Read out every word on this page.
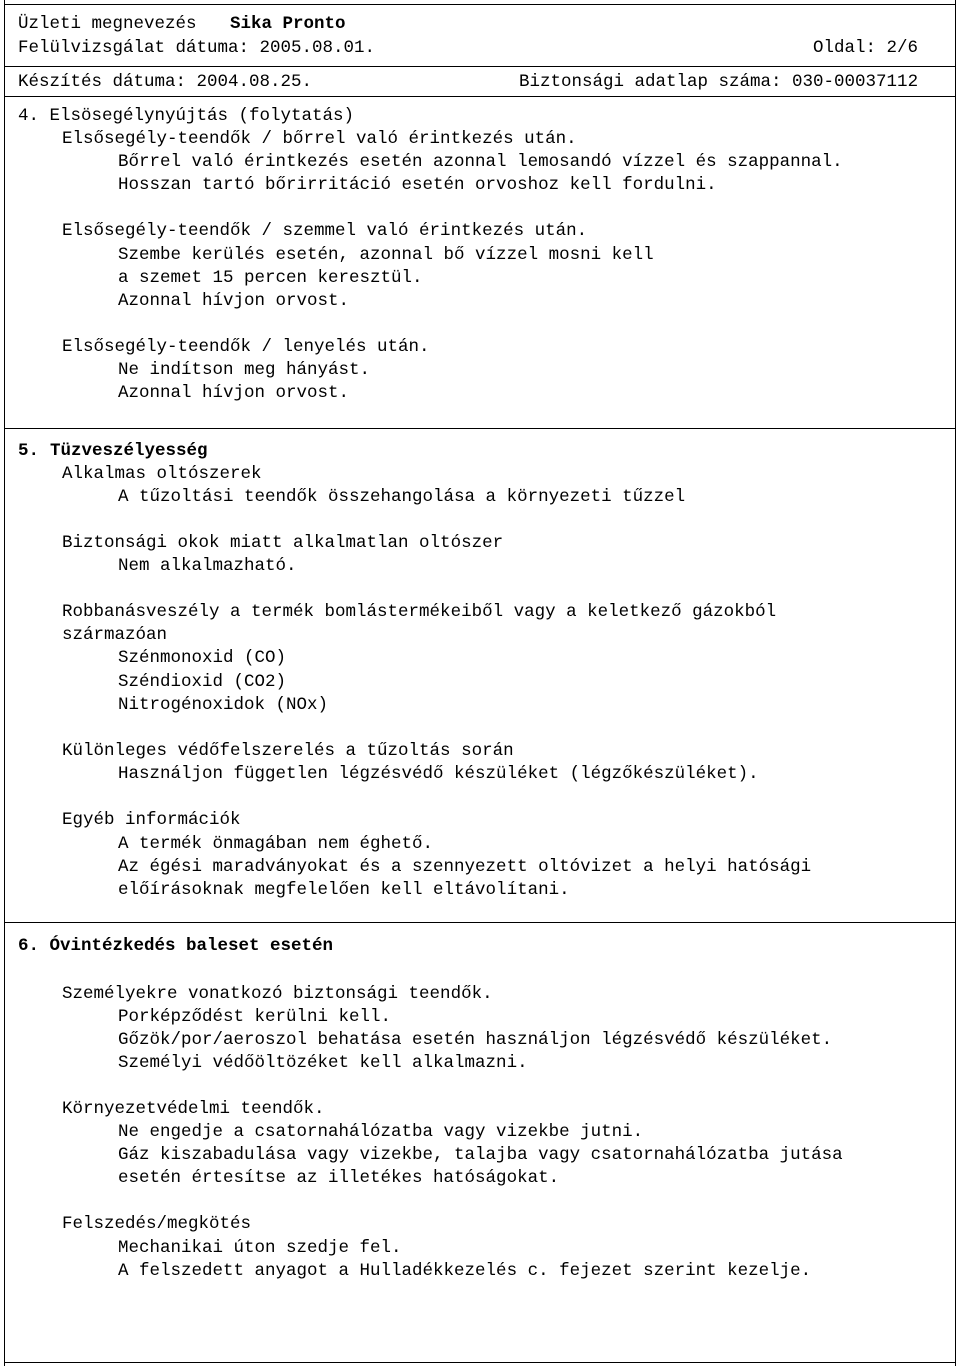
Üzleti megnevezés Sika Pronto
Felülvizsgálat dátuma: 2005.08.01.	Oldal: 2/6
Készítés dátuma: 2004.08.25.	Biztonsági adatlap száma: 030-00037112
4. Elsösegélynyújtás (folytatás)
Elsősegély-teendők / bőrrel való érintkezés után.
Bőrrel való érintkezés esetén azonnal lemosandó vízzel és szappannal.
Hosszan tartó bőrirritáció esetén orvoshoz kell fordulni.
Elsősegély-teendők / szemmel való érintkezés után.
Szembe kerülés esetén, azonnal bő vízzel mosni kell
a szemet 15 percen keresztül.
Azonnal hívjon orvost.
Elsősegély-teendők / lenyelés után.
Ne indítson meg hányást.
Azonnal hívjon orvost.
5. Tüzveszélyesség
Alkalmas oltószerek
A tűzoltási teendők összehangolása a környezeti tűzzel
Biztonsági okok miatt alkalmatlan oltószer
Nem alkalmazható.
Robbanásveszély a termék bomlástermékeiből vagy a keletkező gázokból
származóan
Szénmonoxid (CO)
Széndioxid (CO2)
Nitrogénoxidok (NOx)
Különleges védőfelszerelés a tűzoltás során
Használjon független légzésvédő készüléket (légzőkészüléket).
Egyéb információk
A termék önmagában nem éghető.
Az égési maradványokat és a szennyezett oltóvizet a helyi hatósági
előírásoknak megfelelően kell eltávolítani.
6. Óvintézkedés baleset esetén
Személyekre vonatkozó biztonsági teendők.
Porképződést kerülni kell.
Gőzök/por/aeroszol behatása esetén használjon légzésvédő készüléket.
Személyi védőöltözéket kell alkalmazni.
Környezetvédelmi teendők.
Ne engedje a csatornahálózatba vagy vizekbe jutni.
Gáz kiszabadulása vagy vizekbe, talajba vagy csatornahálózatba jutása
esetén értesítse az illetékes hatóságokat.
Felszedés/megkötés
Mechanikai úton szedje fel.
A felszedett anyagot a Hulladékkezelés c. fejezet szerint kezelje.
